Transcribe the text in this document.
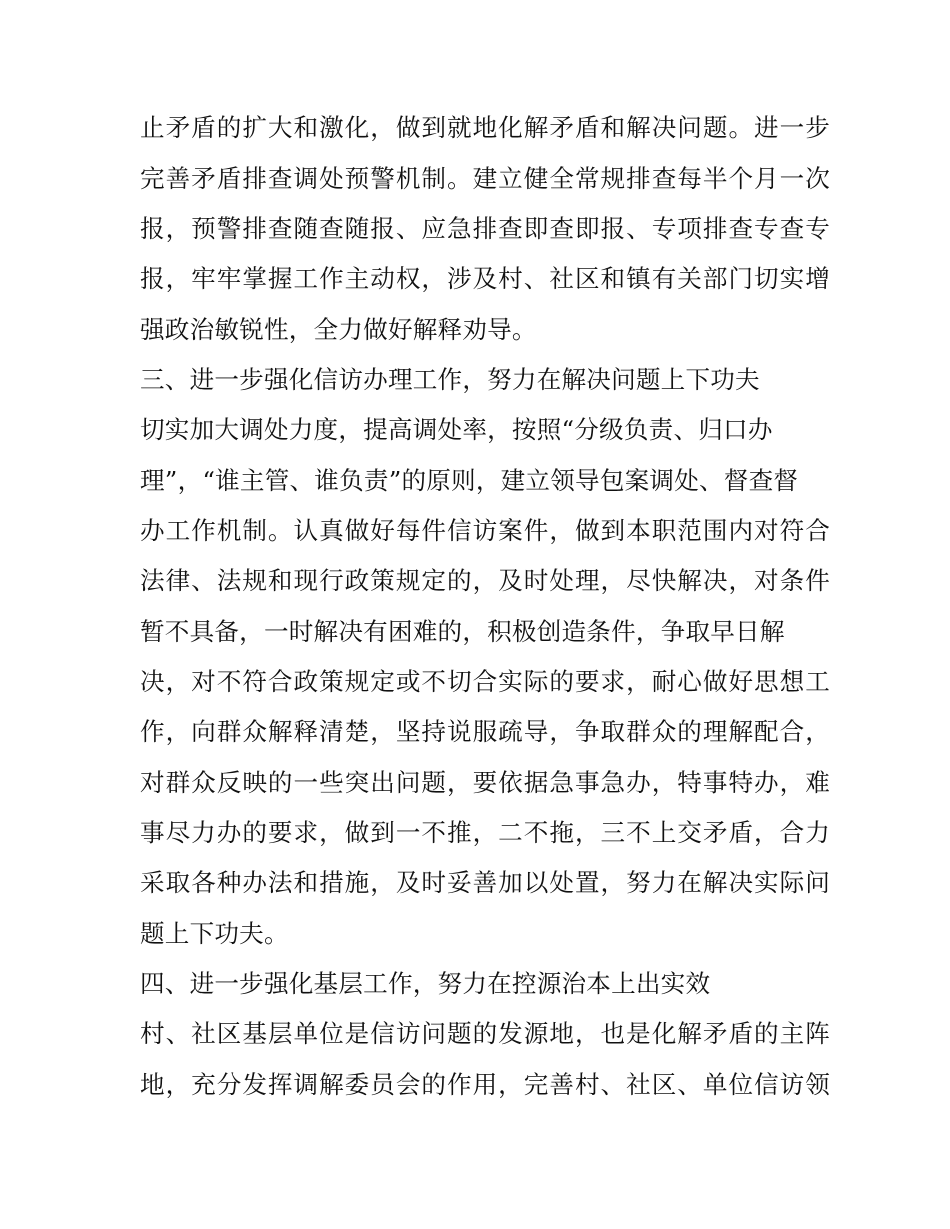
止矛盾的扩大和激化，做到就地化解矛盾和解决问题。进一步
完善矛盾排查调处预警机制。建立健全常规排查每半个月一次
报，预警排查随查随报、应急排查即查即报、专项排查专查专
报，牢牢掌握工作主动权，涉及村、社区和镇有关部门切实增
强政治敏锐性，全力做好解释劝导。
三、进一步强化信访办理工作，努力在解决问题上下功夫
切实加大调处力度，提高调处率，按照“分级负责、归口办
理”，“谁主管、谁负责”的原则，建立领导包案调处、督查督
办工作机制。认真做好每件信访案件，做到本职范围内对符合
法律、法规和现行政策规定的，及时处理，尽快解决，对条件
暂不具备，一时解决有困难的，积极创造条件，争取早日解
决，对不符合政策规定或不切合实际的要求，耐心做好思想工
作，向群众解释清楚，坚持说服疏导，争取群众的理解配合，
对群众反映的一些突出问题，要依据急事急办，特事特办，难
事尽力办的要求，做到一不推，二不拖，三不上交矛盾，合力
采取各种办法和措施，及时妥善加以处置，努力在解决实际问
题上下功夫。
四、进一步强化基层工作，努力在控源治本上出实效
村、社区基层单位是信访问题的发源地，也是化解矛盾的主阵
地，充分发挥调解委员会的作用，完善村、社区、单位信访领
